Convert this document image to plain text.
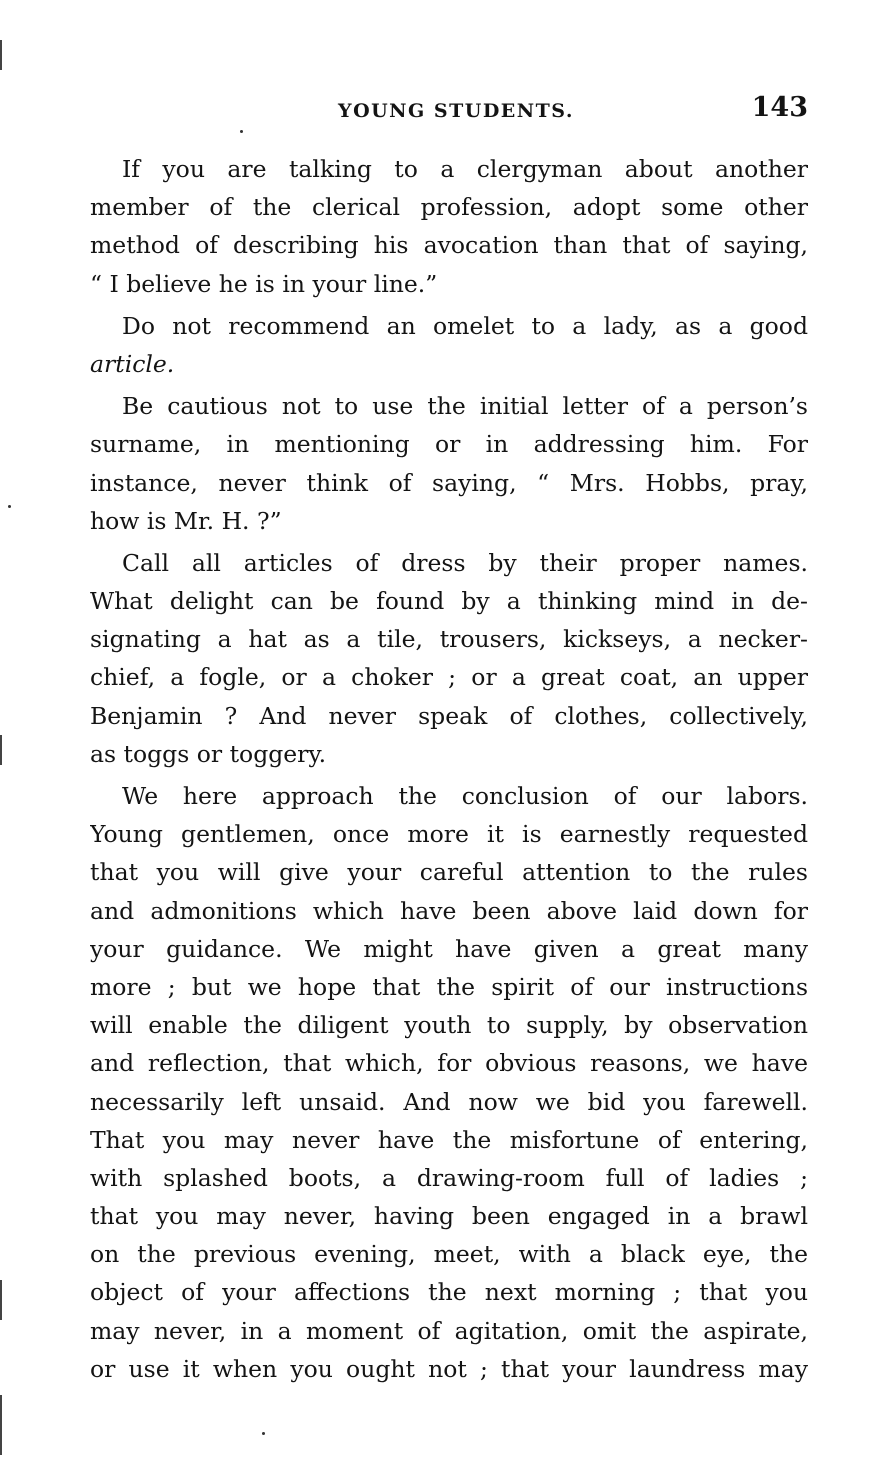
YOUNG STUDENTS.	143
If you are talking to a clergyman about another
member of the clerical profession, adopt some other
method of describing his avocation than that of saying,
“ I believe he is in your line.”
Do not recommend an omelet to a lady, as a good
article.
Be cautious not to use the initial letter of a person’s
surname, in mentioning or in addressing him. For
instance, never think of saying, “ Mrs. Hobbs, pray,
how is Mr. H. ?”
Call all articles of dress by their proper names.
What delight can be found by a thinking mind in de-
signating a hat as a tile, trousers, kickseys, a necker-
chief, a fogle, or a choker ; or a great coat, an upper
Benjamin ? And never speak of clothes, collectively,
as toggs or toggery.
We here approach the conclusion of our labors.
Young gentlemen, once more it is earnestly requested
that you will give your careful attention to the rules
and admonitions which have been above laid down for
your guidance. We might have given a great many
more ; but we hope that the spirit of our instructions
will enable the diligent youth to supply, by observation
and reflection, that which, for obvious reasons, we have
necessarily left unsaid. And now we bid you farewell.
That you may never have the misfortune of entering,
with splashed boots, a drawing-room full of ladies ;
that you may never, having been engaged in a brawl
on the previous evening, meet, with a black eye, the
object of your affections the next morning ; that you
may never, in a moment of agitation, omit the aspirate,
or use it when you ought not ; that your laundress may
